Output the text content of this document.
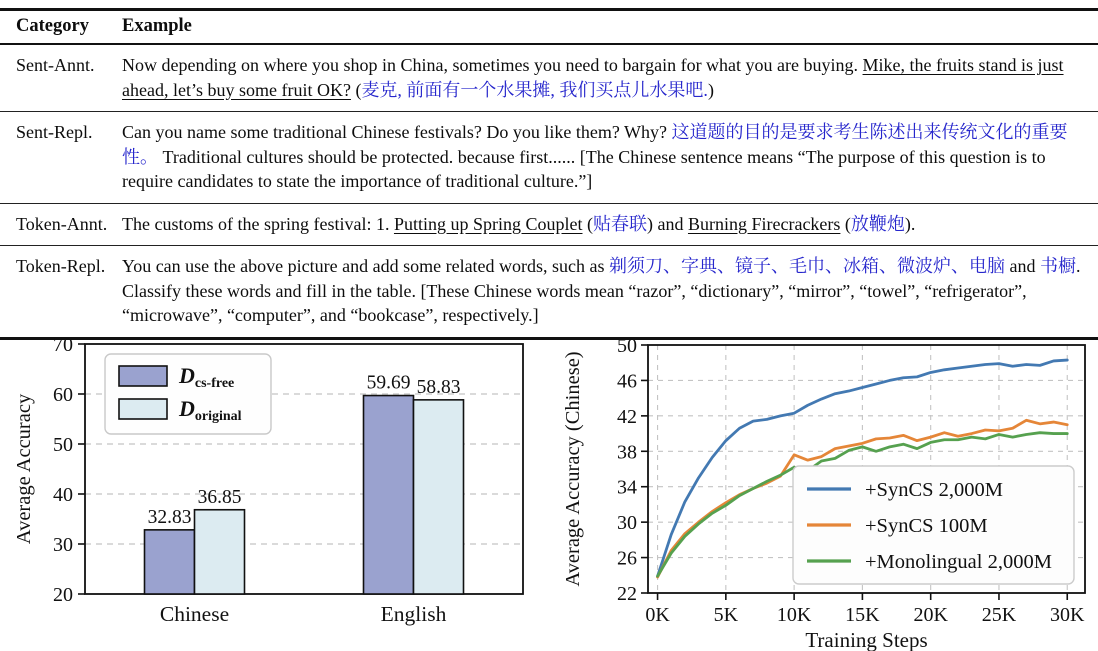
Category	Example
Sent-Annt.	Now depending on where you shop in China, sometimes you need to bargain for what you are buying. Mike, the fruits stand is just ahead, let’s buy some fruit OK? (麦克, 前面有一个水果摊, 我们买点儿水果吧.)
Sent-Repl.	Can you name some traditional Chinese festivals? Do you like them? Why? 这道题的目的是要求考生陈述出来传统文化的重要性。 Traditional cultures should be protected. because first...... [The Chinese sentence means “The purpose of this question is to require candidates to state the importance of traditional culture.”]
Token-Annt. The customs of the spring festival: 1. Putting up Spring Couplet (贴春联) and Burning Firecrackers (放鞭炮).
Token-Repl. You can use the above picture and add some related words, such as 剃须刀、字典、镜子、毛巾、冰箱、微波炉、电脑 and 书橱. Classify these words and fill in the table. [These Chinese words mean “razor”, “dictionary”, “mirror”, “towel”, “refrigerator”, “microwave”, “computer”, and “bookcase”, respectively.]
20
30
40
50
60
70
32.83
36.85
Chinese
59.69 58.83
English
Average Accuracy
Dcs-free
Doriginal
22
26
30
34
38
42
46
50
0K 5K 10K 15K 20K 25K 30K
+SynCS 2,000M
+SynCS 100M
+Monolingual 2,000M
Training Steps
Average Accuracy (Chinese)
